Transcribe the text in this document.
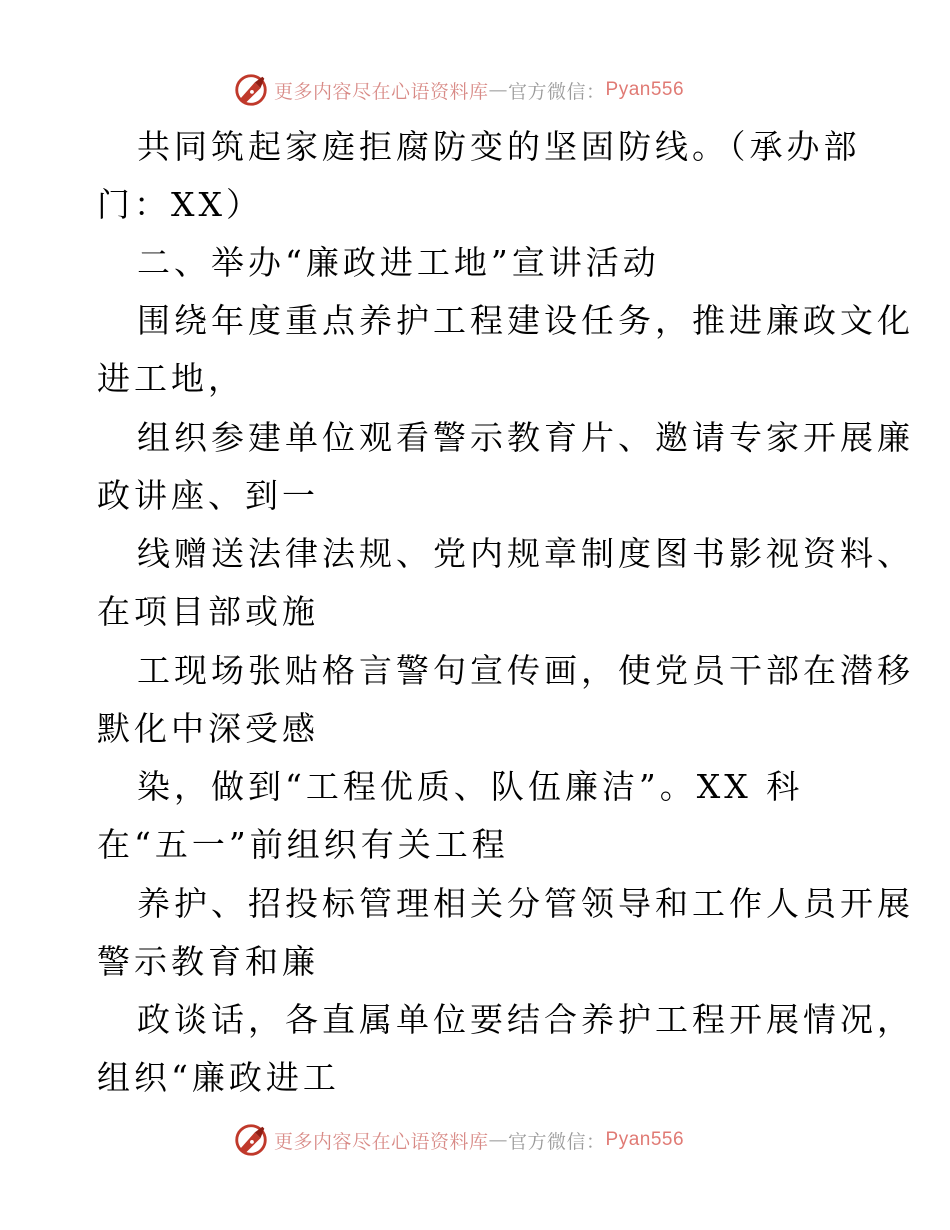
更多内容尽在心语资料库 — 官方微信： Pyan556
共同筑起家庭拒腐防变的坚固防线。（承办部
门：XX）
二、举办“廉政进工地”宣讲活动
围绕年度重点养护工程建设任务，推进廉政文化
进工地，
组织参建单位观看警示教育片、邀请专家开展廉
政讲座、到一
线赠送法律法规、党内规章制度图书影视资料、
在项目部或施
工现场张贴格言警句宣传画，使党员干部在潜移
默化中深受感
染，做到“工程优质、队伍廉洁”。XX 科
在“五一”前组织有关工程
养护、招投标管理相关分管领导和工作人员开展
警示教育和廉
政谈话，各直属单位要结合养护工程开展情况，
组织“廉政进工
更多内容尽在心语资料库 — 官方微信： Pyan556
